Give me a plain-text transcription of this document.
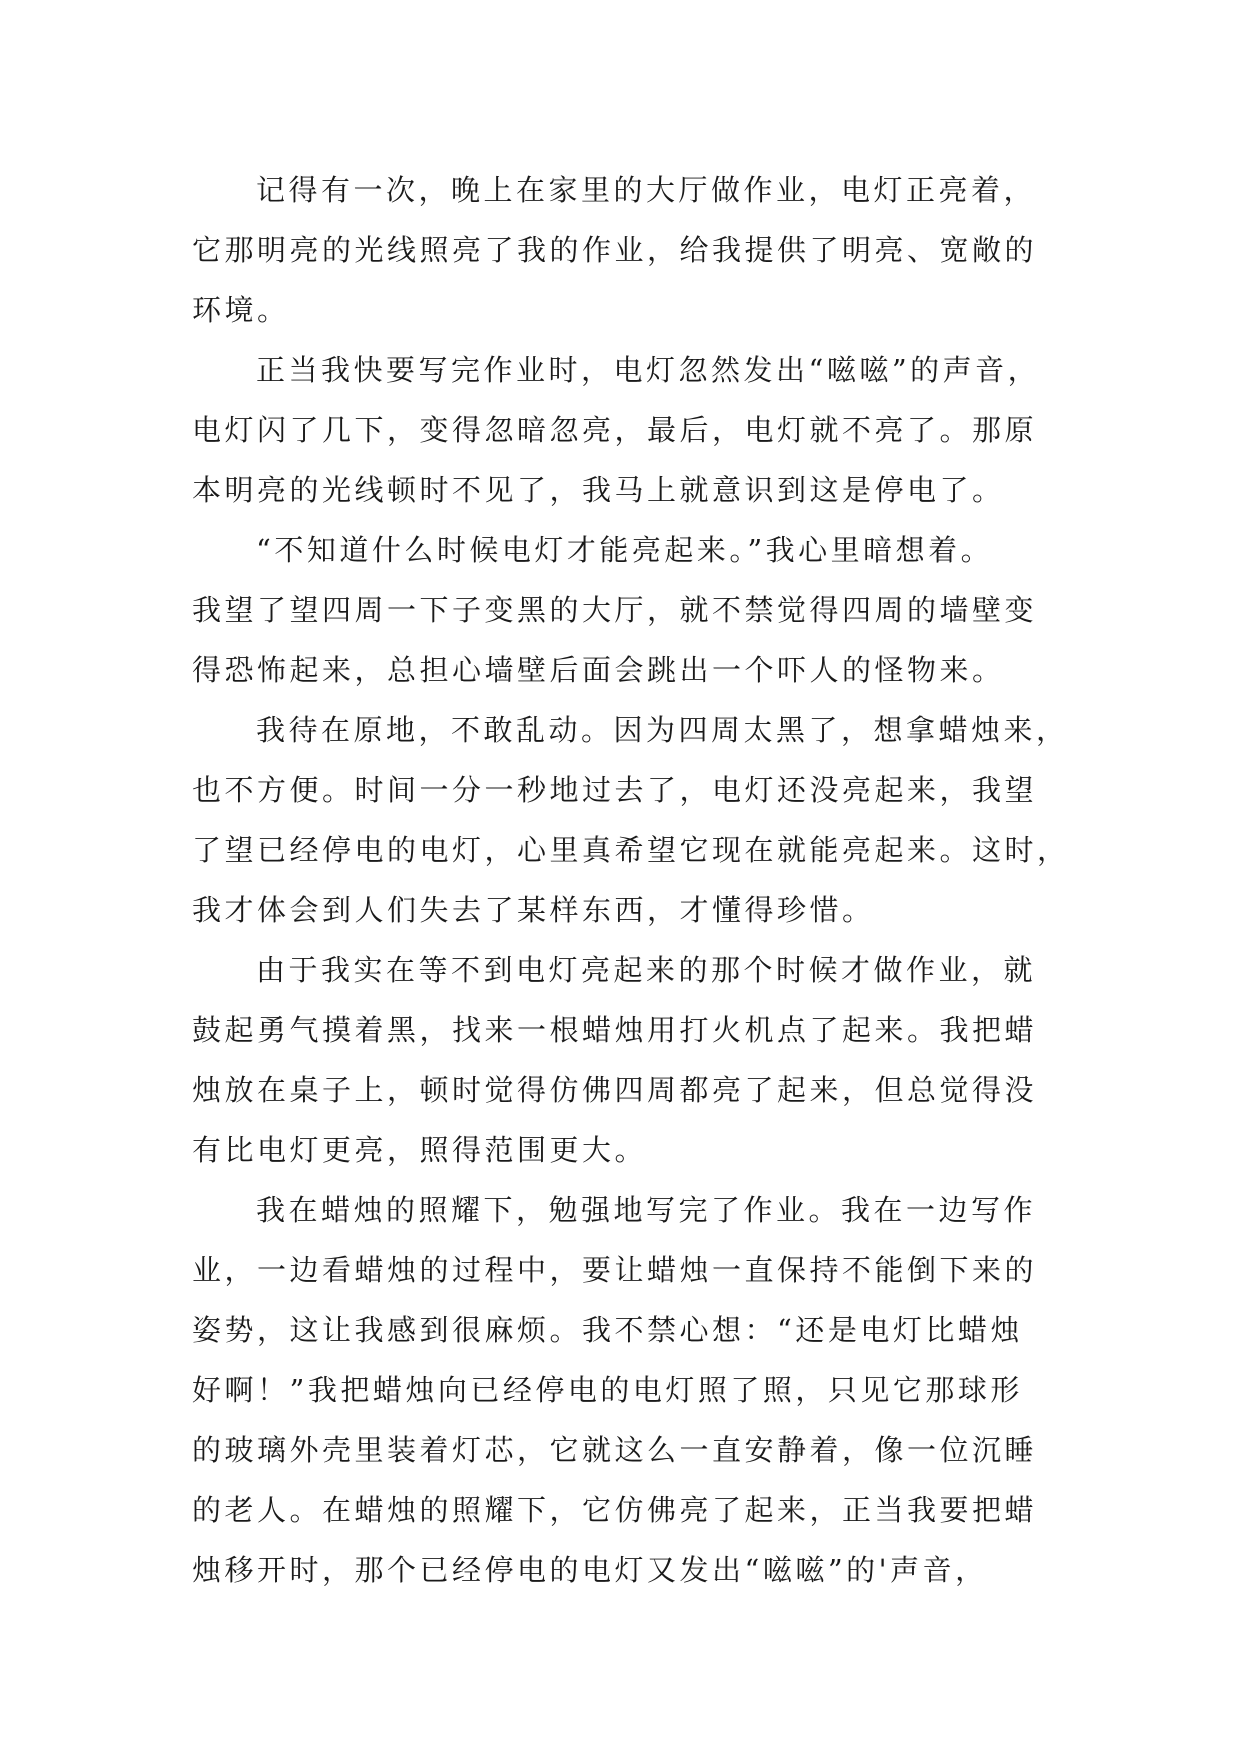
记得有一次，晚上在家里的大厅做作业，电灯正亮着，
它那明亮的光线照亮了我的作业，给我提供了明亮、宽敞的
环境。

正当我快要写完作业时，电灯忽然发出“嗞嗞”的声音，
电灯闪了几下，变得忽暗忽亮，最后，电灯就不亮了。那原
本明亮的光线顿时不见了，我马上就意识到这是停电了。

“不知道什么时候电灯才能亮起来。”我心里暗想着。
我望了望四周一下子变黑的大厅，就不禁觉得四周的墙壁变
得恐怖起来，总担心墙壁后面会跳出一个吓人的怪物来。

我待在原地，不敢乱动。因为四周太黑了，想拿蜡烛来，
也不方便。时间一分一秒地过去了，电灯还没亮起来，我望
了望已经停电的电灯，心里真希望它现在就能亮起来。这时，
我才体会到人们失去了某样东西，才懂得珍惜。

由于我实在等不到电灯亮起来的那个时候才做作业，就
鼓起勇气摸着黑，找来一根蜡烛用打火机点了起来。我把蜡
烛放在桌子上，顿时觉得仿佛四周都亮了起来，但总觉得没
有比电灯更亮，照得范围更大。

我在蜡烛的照耀下，勉强地写完了作业。我在一边写作
业，一边看蜡烛的过程中，要让蜡烛一直保持不能倒下来的
姿势，这让我感到很麻烦。我不禁心想：“还是电灯比蜡烛
好啊！”我把蜡烛向已经停电的电灯照了照，只见它那球形
的玻璃外壳里装着灯芯，它就这么一直安静着，像一位沉睡
的老人。在蜡烛的照耀下，它仿佛亮了起来，正当我要把蜡
烛移开时，那个已经停电的电灯又发出“嗞嗞”的'声音，
